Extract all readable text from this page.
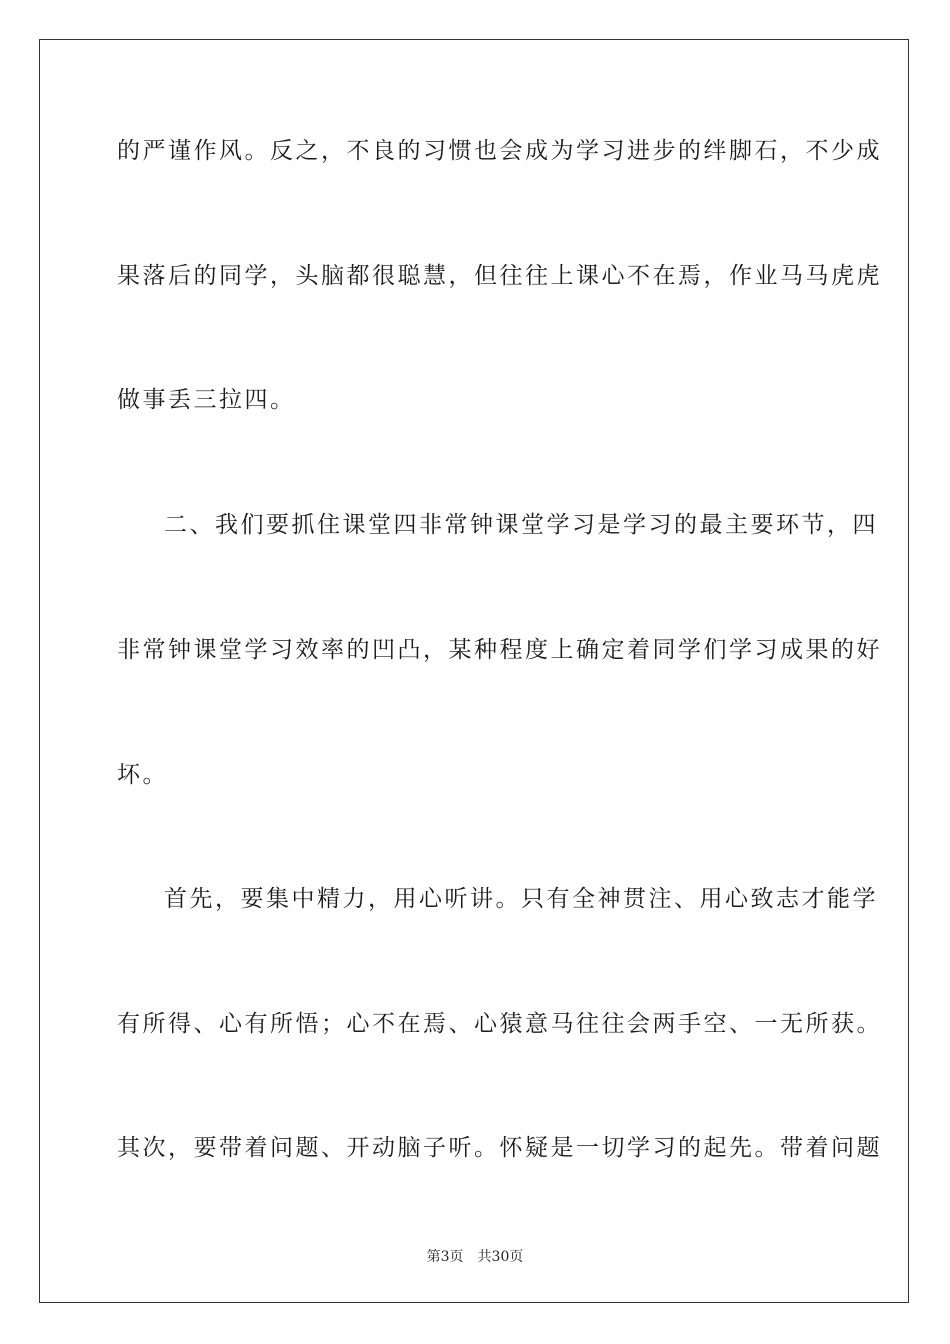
的严谨作风。反之，不良的习惯也会成为学习进步的绊脚石，不少成
果落后的同学，头脑都很聪慧，但往往上课心不在焉，作业马马虎虎
做事丢三拉四。
二、我们要抓住课堂四非常钟课堂学习是学习的最主要环节，四
非常钟课堂学习效率的凹凸，某种程度上确定着同学们学习成果的好
坏。
首先，要集中精力，用心听讲。只有全神贯注、用心致志才能学
有所得、心有所悟；心不在焉、心猿意马往往会两手空、一无所获。
其次，要带着问题、开动脑子听。怀疑是一切学习的起先。带着问题
第3页 共30页
